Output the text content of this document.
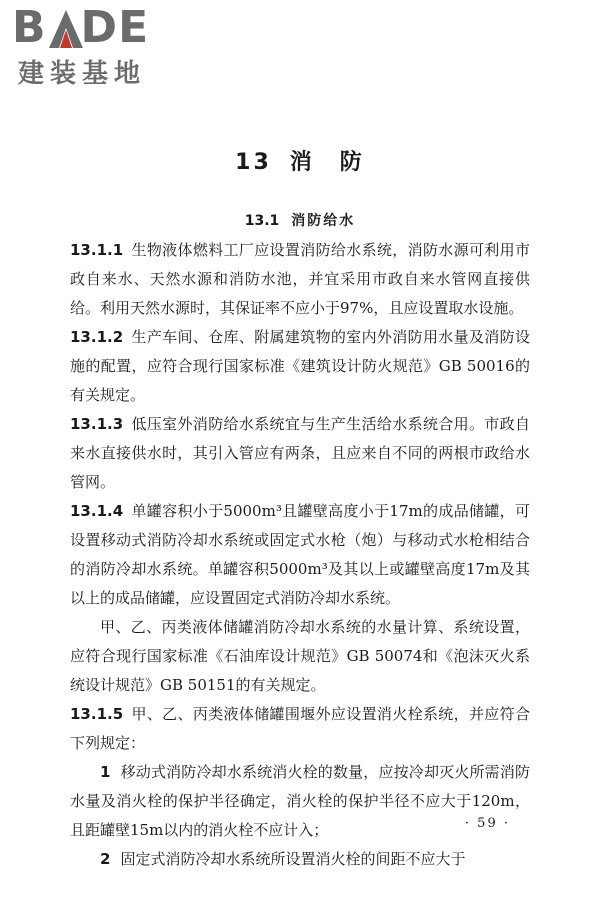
B DE
建装基地
13 消　防
13.1 消防给水

13.1.1 生物液体燃料工厂应设置消防给水系统，消防水源可利用市政自来水、天然水源和消防水池，并宜采用市政自来水管网直接供给。利用天然水源时，其保证率不应小于97%，且应设置取水设施。

13.1.2 生产车间、仓库、附属建筑物的室内外消防用水量及消防设施的配置，应符合现行国家标准《建筑设计防火规范》GB 50016的有关规定。

13.1.3 低压室外消防给水系统宜与生产生活给水系统合用。市政自来水直接供水时，其引入管应有两条，且应来自不同的两根市政给水管网。

13.1.4 单罐容积小于5000m³且罐壁高度小于17m的成品储罐，可设置移动式消防冷却水系统或固定式水枪（炮）与移动式水枪相结合的消防冷却水系统。单罐容积5000m³及其以上或罐壁高度17m及其以上的成品储罐，应设置固定式消防冷却水系统。

甲、乙、丙类液体储罐消防冷却水系统的水量计算、系统设置，应符合现行国家标准《石油库设计规范》GB 50074和《泡沫灭火系统设计规范》GB 50151的有关规定。

13.1.5 甲、乙、丙类液体储罐围堰外应设置消火栓系统，并应符合下列规定：

1 移动式消防冷却水系统消火栓的数量，应按冷却灭火所需消防水量及消火栓的保护半径确定，消火栓的保护半径不应大于120m，且距罐壁15m以内的消火栓不应计入；

2 固定式消防冷却水系统所设置消火栓的间距不应大于

· 59 ·
